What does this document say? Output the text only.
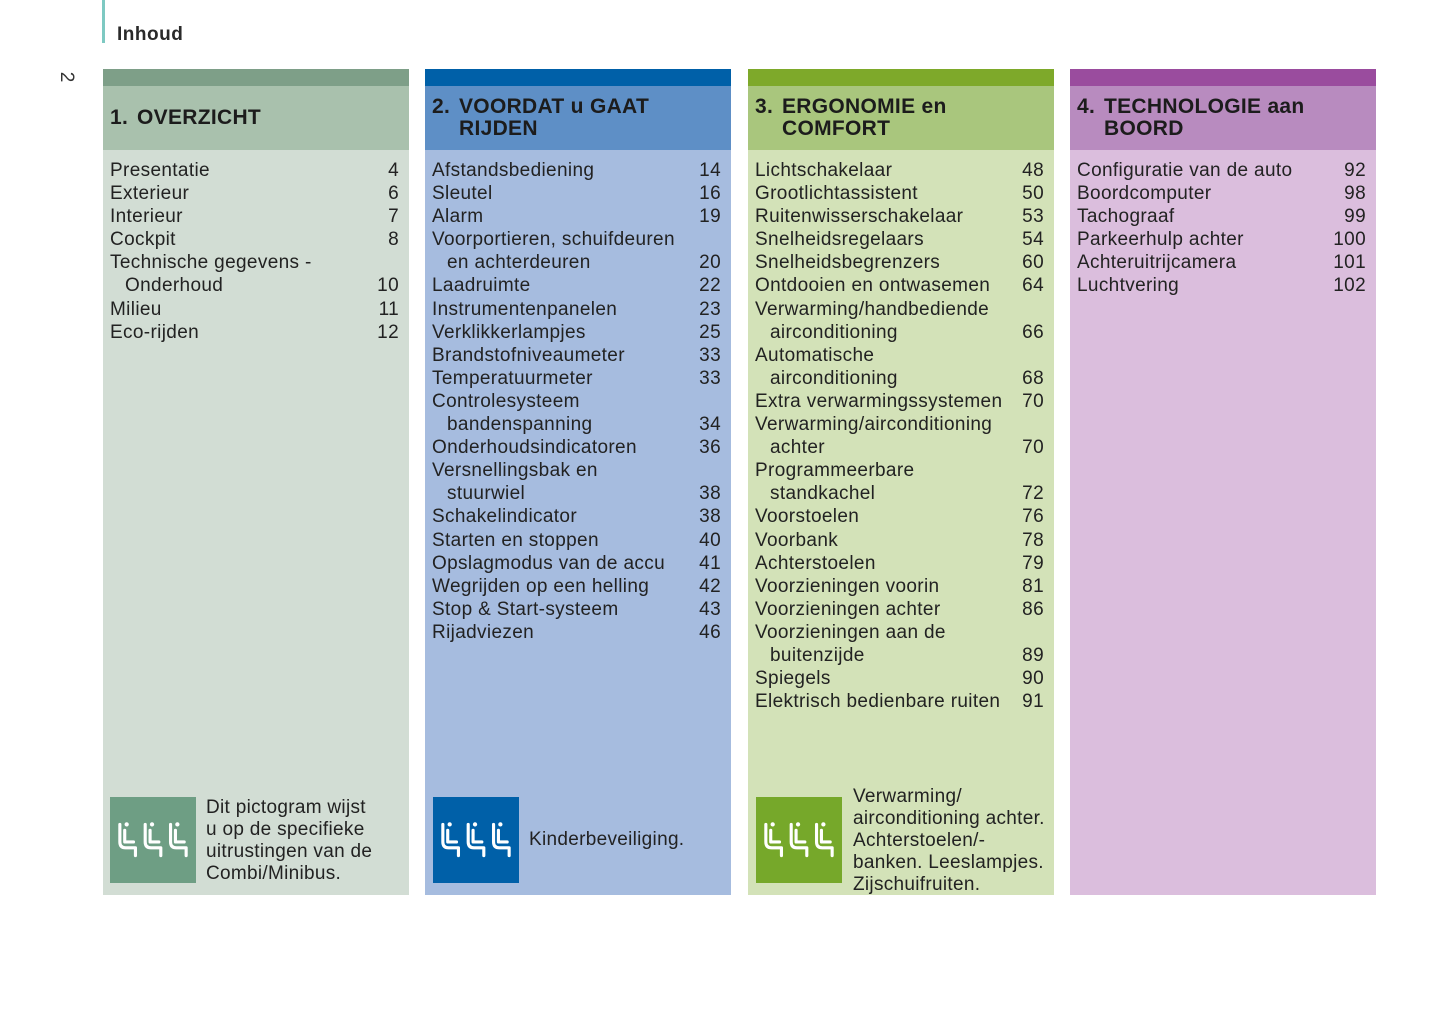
Inhoud
2
1. OVERZICHT
Presentatie	4
Exterieur	6
Interieur	7
Cockpit	8
Technische gegevens -
Onderhoud	10
Milieu	11
Eco-rijden	12
2. VOORDAT u GAAT
RIJDEN
Afstandsbediening	14
Sleutel	16
Alarm	19
Voorportieren, schuifdeuren
en achterdeuren	20
Laadruimte	22
Instrumentenpanelen	23
Verklikkerlampjes	25
Brandstofniveaumeter	33
Temperatuurmeter	33
Controlesysteem
bandenspanning	34
Onderhoudsindicatoren	36
Versnellingsbak en
stuurwiel	38
Schakelindicator	38
Starten en stoppen	40
Opslagmodus van de accu	41
Wegrijden op een helling	42
Stop & Start-systeem	43
Rijadviezen	46
3. ERGONOMIE en
COMFORT
Lichtschakelaar	48
Grootlichtassistent	50
Ruitenwisserschakelaar	53
Snelheidsregelaars	54
Snelheidsbegrenzers	60
Ontdooien en ontwasemen	64
Verwarming/handbediende
airconditioning	66
Automatische
airconditioning	68
Extra verwarmingssystemen	70
Verwarming/airconditioning
achter	70
Programmeerbare
standkachel	72
Voorstoelen	76
Voorbank	78
Achterstoelen	79
Voorzieningen voorin	81
Voorzieningen achter	86
Voorzieningen aan de
buitenzijde	89
Spiegels	90
Elektrisch bedienbare ruiten	91
4. TECHNOLOGIE aan
BOORD
Configuratie van de auto	92
Boordcomputer	98
Tachograaf	99
Parkeerhulp achter	100
Achteruitrijcamera	101
Luchtvering	102
Dit pictogram wijst
u op de specifieke
uitrustingen van de
Combi/Minibus.
Kinderbeveiliging.
Verwarming/
airconditioning achter.
Achterstoelen/-
banken. Leeslampjes.
Zijschuifruiten.
